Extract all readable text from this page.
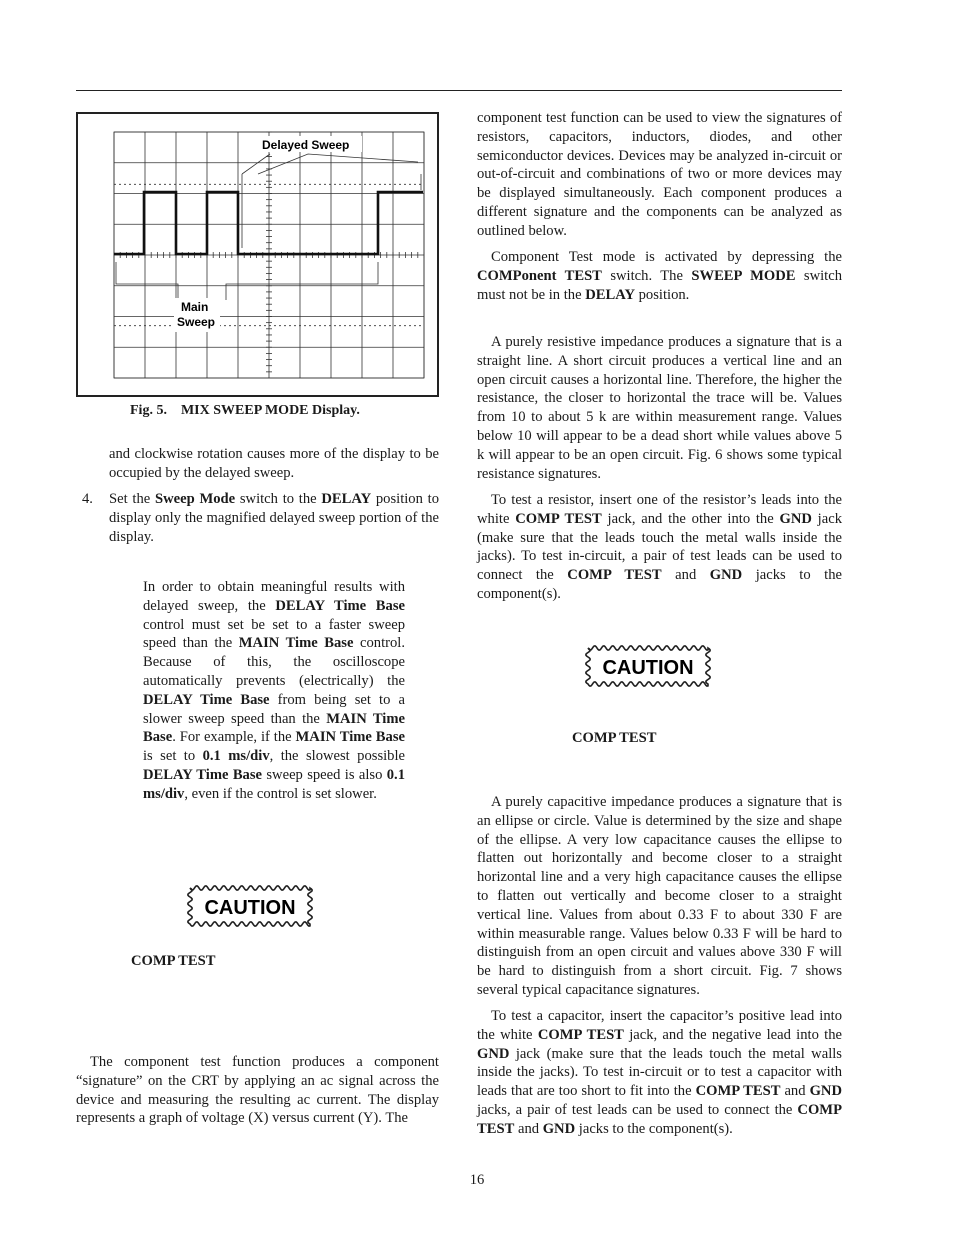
Delayed Sweep
Main
Sweep
Fig. 5. MIX SWEEP MODE Display.

and clockwise rotation causes more of the display to be occupied by the delayed sweep.

4.	Set the Sweep Mode switch to the DELAY position to display only the magnified delayed sweep portion of the display.

In order to obtain meaningful results with delayed sweep, the DELAY Time Base control must set be set to a faster sweep speed than the MAIN Time Base control. Because of this, the oscilloscope automatically prevents (electrically) the DELAY Time Base from being set to a slower sweep speed than the MAIN Time Base. For example, if the MAIN Time Base is set to 0.1 ms/div, the slowest possible DELAY Time Base sweep speed is also 0.1 ms/div, even if the control is set slower.

CAUTION

COMP TEST

The component test function produces a component “signature” on the CRT by applying an ac signal across the device and measuring the resulting ac current. The display represents a graph of voltage (X) versus current (Y). The

component test function can be used to view the signatures of resistors, capacitors, inductors, diodes, and other semiconductor devices. Devices may be analyzed in-circuit or out-of-circuit and combinations of two or more devices may be displayed simultaneously. Each component produces a different signature and the components can be analyzed as outlined below.

Component Test mode is activated by depressing the COMPonent TEST switch. The SWEEP MODE switch must not be in the DELAY position.

A purely resistive impedance produces a signature that is a straight line. A short circuit produces a vertical line and an open circuit causes a horizontal line. Therefore, the higher the resistance, the closer to horizontal the trace will be. Values from 10 to about 5 k are within measurement range. Values below 10 will appear to be a dead short while values above 5 k will appear to be an open circuit. Fig. 6 shows some typical resistance signatures.

To test a resistor, insert one of the resistor’s leads into the white COMP TEST jack, and the other into the GND jack (make sure that the leads touch the metal walls inside the jacks). To test in-circuit, a pair of test leads can be used to connect the COMP TEST and GND jacks to the component(s).

CAUTION

COMP TEST

A purely capacitive impedance produces a signature that is an ellipse or circle. Value is determined by the size and shape of the ellipse. A very low capacitance causes the ellipse to flatten out horizontally and become closer to a straight horizontal line and a very high capacitance causes the ellipse to flatten out vertically and become closer to a straight vertical line. Values from about 0.33 F to about 330 F are within measurable range. Values below 0.33 F will be hard to distinguish from an open circuit and values above 330 F will be hard to distinguish from a short circuit. Fig. 7 shows several typical capacitance signatures.

To test a capacitor, insert the capacitor’s positive lead into the white COMP TEST jack, and the negative lead into the GND jack (make sure that the leads touch the metal walls inside the jacks). To test in-circuit or to test a capacitor with leads that are too short to fit into the COMP TEST and GND jacks, a pair of test leads can be used to connect the COMP TEST and GND jacks to the component(s).

16
